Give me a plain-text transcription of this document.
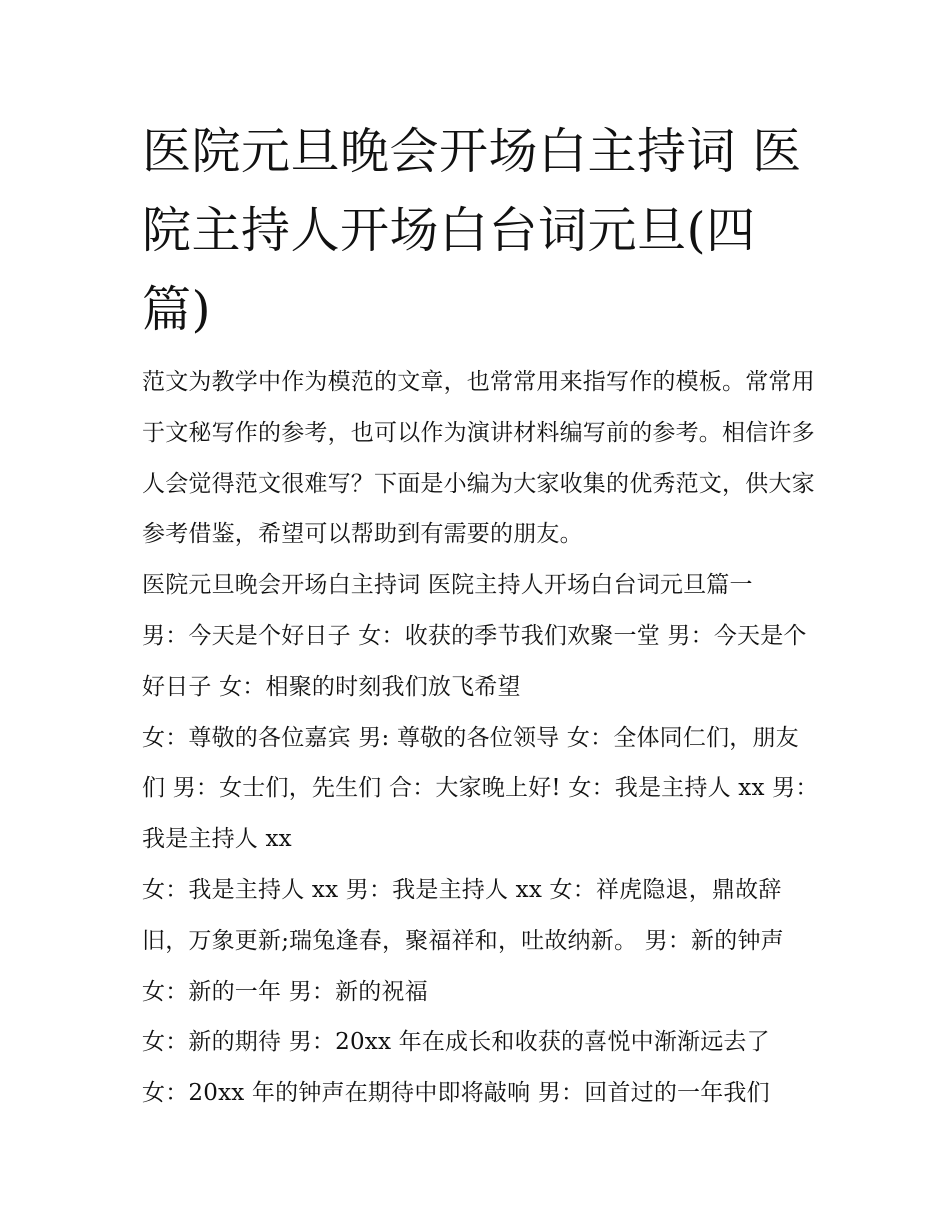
医院元旦晚会开场白主持词 医院主持人开场白台词元旦(四篇)

范文为教学中作为模范的文章，也常常用来指写作的模板。常常用于文秘写作的参考，也可以作为演讲材料编写前的参考。相信许多人会觉得范文很难写？下面是小编为大家收集的优秀范文，供大家参考借鉴，希望可以帮助到有需要的朋友。

医院元旦晚会开场白主持词 医院主持人开场白台词元旦篇一

男：今天是个好日子 女：收获的季节我们欢聚一堂 男：今天是个好日子 女：相聚的时刻我们放飞希望

女：尊敬的各位嘉宾 男: 尊敬的各位领导 女：全体同仁们，朋友们 男：女士们，先生们 合：大家晚上好! 女：我是主持人 xx 男：我是主持人 xx

女：我是主持人 xx 男：我是主持人 xx 女：祥虎隐退，鼎故辞旧，万象更新;瑞兔逢春，聚福祥和，吐故纳新。 男：新的钟声 女：新的一年 男：新的祝福

女：新的期待 男：20xx 年在成长和收获的喜悦中渐渐远去了 女：20xx 年的钟声在期待中即将敲响 男：回首过的一年我们
